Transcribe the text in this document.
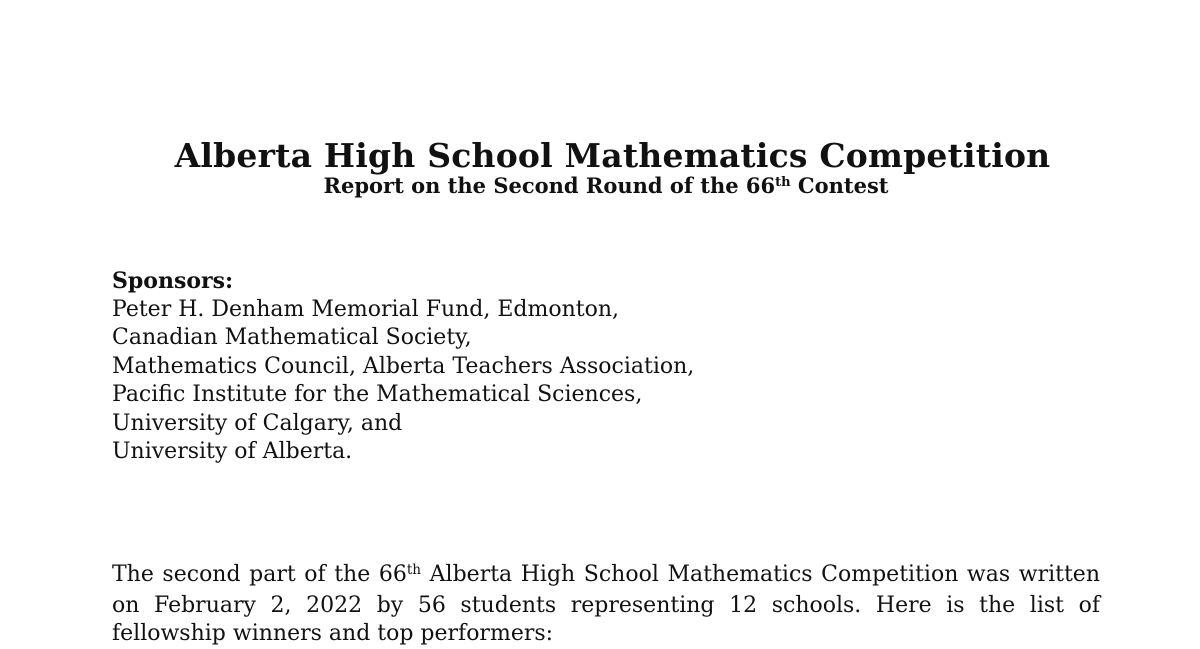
Alberta High School Mathematics Competition
Report on the Second Round of the 66th Contest
Sponsors:
Peter H. Denham Memorial Fund, Edmonton,
Canadian Mathematical Society,
Mathematics Council, Alberta Teachers Association,
Pacific Institute for the Mathematical Sciences,
University of Calgary, and
University of Alberta.
The second part of the 66th Alberta High School Mathematics Competition was written on February 2, 2022 by 56 students representing 12 schools. Here is the list of fellowship winners and top performers:
